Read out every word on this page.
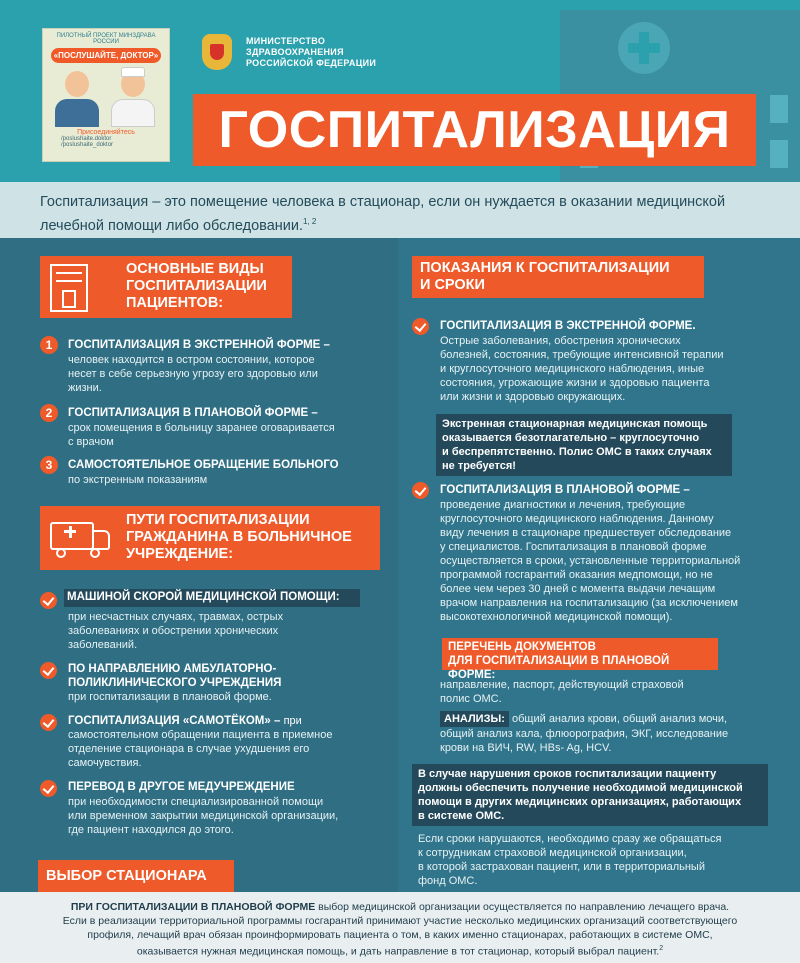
ПИЛОТНЫЙ ПРОЕКТ МИНЗДРАВА РОССИИ
«ПОСЛУШАЙТЕ, ДОКТОР»
Присоединяйтесь
/poslushaite.doktor
/poslushaite_doktor
МИНИСТЕРСТВО
ЗДРАВООХРАНЕНИЯ
РОССИЙСКОЙ ФЕДЕРАЦИИ
ГОСПИТАЛИЗАЦИЯ
Госпитализация – это помещение человека в стационар, если он нуждается в оказании медицинской
лечебной помощи либо обследовании.$^{1, 2}$
ОСНОВНЫЕ ВИДЫ
ГОСПИТАЛИЗАЦИИ
ПАЦИЕНТОВ:
1	ГОСПИТАЛИЗАЦИЯ В ЭКСТРЕННОЙ ФОРМЕ –
человек находится в остром состоянии, которое
несет в себе серьезную угрозу его здоровью или
жизни.
2	ГОСПИТАЛИЗАЦИЯ В ПЛАНОВОЙ ФОРМЕ –
срок помещения в больницу заранее оговаривается
с врачом
3	САМОСТОЯТЕЛЬНОЕ ОБРАЩЕНИЕ БОЛЬНОГО
по экстренным показаниям
ПУТИ ГОСПИТАЛИЗАЦИИ
ГРАЖДАНИНА В БОЛЬНИЧНОЕ
УЧРЕЖДЕНИЕ:
МАШИНОЙ СКОРОЙ МЕДИЦИНСКОЙ ПОМОЩИ:
при несчастных случаях, травмах, острых
заболеваниях и обострении хронических
заболеваний.
ПО НАПРАВЛЕНИЮ АМБУЛАТОРНО-
ПОЛИКЛИНИЧЕСКОГО УЧРЕЖДЕНИЯ
при госпитализации в плановой форме.
ГОСПИТАЛИЗАЦИЯ «САМОТЁКОМ» – при
самостоятельном обращении пациента в приемное
отделение стационара в случае ухудшения его
самочувствия.
ПЕРЕВОД В ДРУГОЕ МЕДУЧРЕЖДЕНИЕ
при необходимости специализированной помощи
или временном закрытии медицинской организации,
где пациент находился до этого.
ВЫБОР СТАЦИОНАРА
ПОКАЗАНИЯ К ГОСПИТАЛИЗАЦИИ
И СРОКИ
ГОСПИТАЛИЗАЦИЯ В ЭКСТРЕННОЙ ФОРМЕ.
Острые заболевания, обострения хронических
болезней, состояния, требующие интенсивной терапии
и круглосуточного медицинского наблюдения, иные
состояния, угрожающие жизни и здоровью пациента
или жизни и здоровью окружающих.
Экстренная стационарная медицинская помощь
оказывается безотлагательно – круглосуточно
и беспрепятственно. Полис ОМС в таких случаях
не требуется!
ГОСПИТАЛИЗАЦИЯ В ПЛАНОВОЙ ФОРМЕ –
проведение диагностики и лечения, требующие
круглосуточного медицинского наблюдения. Данному
виду лечения в стационаре предшествует обследование
у специалистов. Госпитализация в плановой форме
осуществляется в сроки, установленные территориальной
программой госгарантий оказания медпомощи, но не
более чем через 30 дней с момента выдачи лечащим
врачом направления на госпитализацию (за исключением
высокотехнологичной медицинской помощи).
ПЕРЕЧЕНЬ ДОКУМЕНТОВ
ДЛЯ ГОСПИТАЛИЗАЦИИ В ПЛАНОВОЙ ФОРМЕ:
направление, паспорт, действующий страховой
полис ОМС.
АНАЛИЗЫ: общий анализ крови, общий анализ мочи,
общий анализ кала, флюорография, ЭКГ, исследование
крови на ВИЧ, RW, HBs- Ag, HCV.
В случае нарушения сроков госпитализации пациенту
должны обеспечить получение необходимой медицинской
помощи в других медицинских организациях, работающих
в системе ОМС.
Если сроки нарушаются, необходимо сразу же обращаться
к сотрудникам страховой медицинской организации,
в которой застрахован пациент, или в территориальный
фонд ОМС.
ПРИ ГОСПИТАЛИЗАЦИИ В ПЛАНОВОЙ ФОРМЕ выбор медицинской организации осуществляется по направлению лечащего врача.
Если в реализации территориальной программы госгарантий принимают участие несколько медицинских организаций соответствующего
профиля, лечащий врач обязан проинформировать пациента о том, в каких именно стационарах, работающих в системе ОМС,
оказывается нужная медицинская помощь, и дать направление в тот стационар, который выбрал пациент.$^2$
